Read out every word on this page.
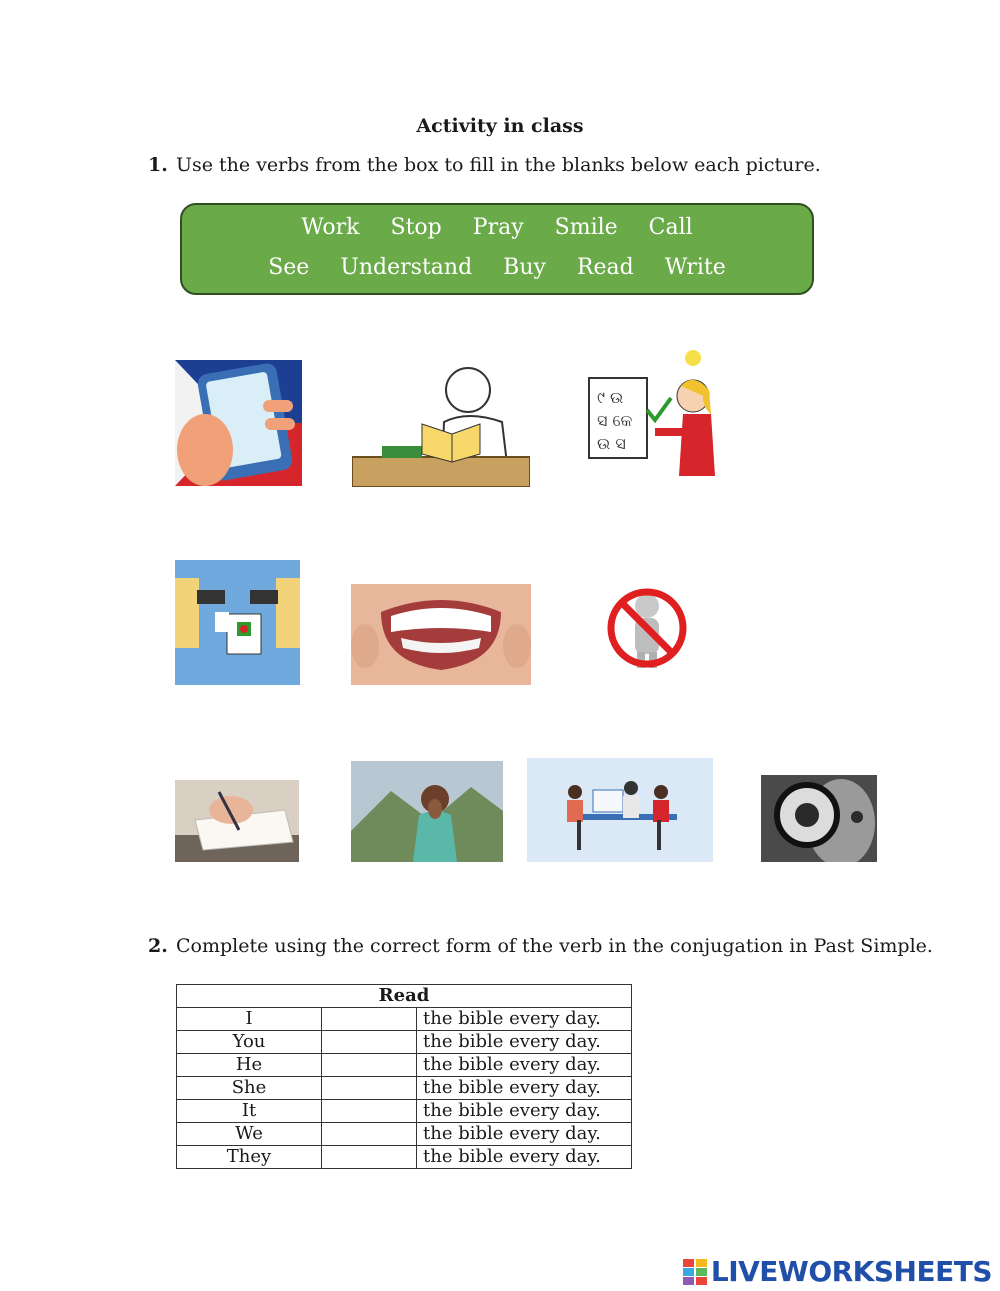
Activity in class
1. Use the verbs from the box to fill in the blanks below each picture.
Work Stop Pray Smile Call
See Understand Buy Read Write
୯ ଉ
ସ କେ
ଉ ସ
2. Complete using the correct form of the verb in the conjugation in Past Simple.
Read		
I		the bible every day.
You		the bible every day.
He		the bible every day.
She		the bible every day.
It		the bible every day.
We		the bible every day.
They		the bible every day.
LIVEWORKSHEETS
